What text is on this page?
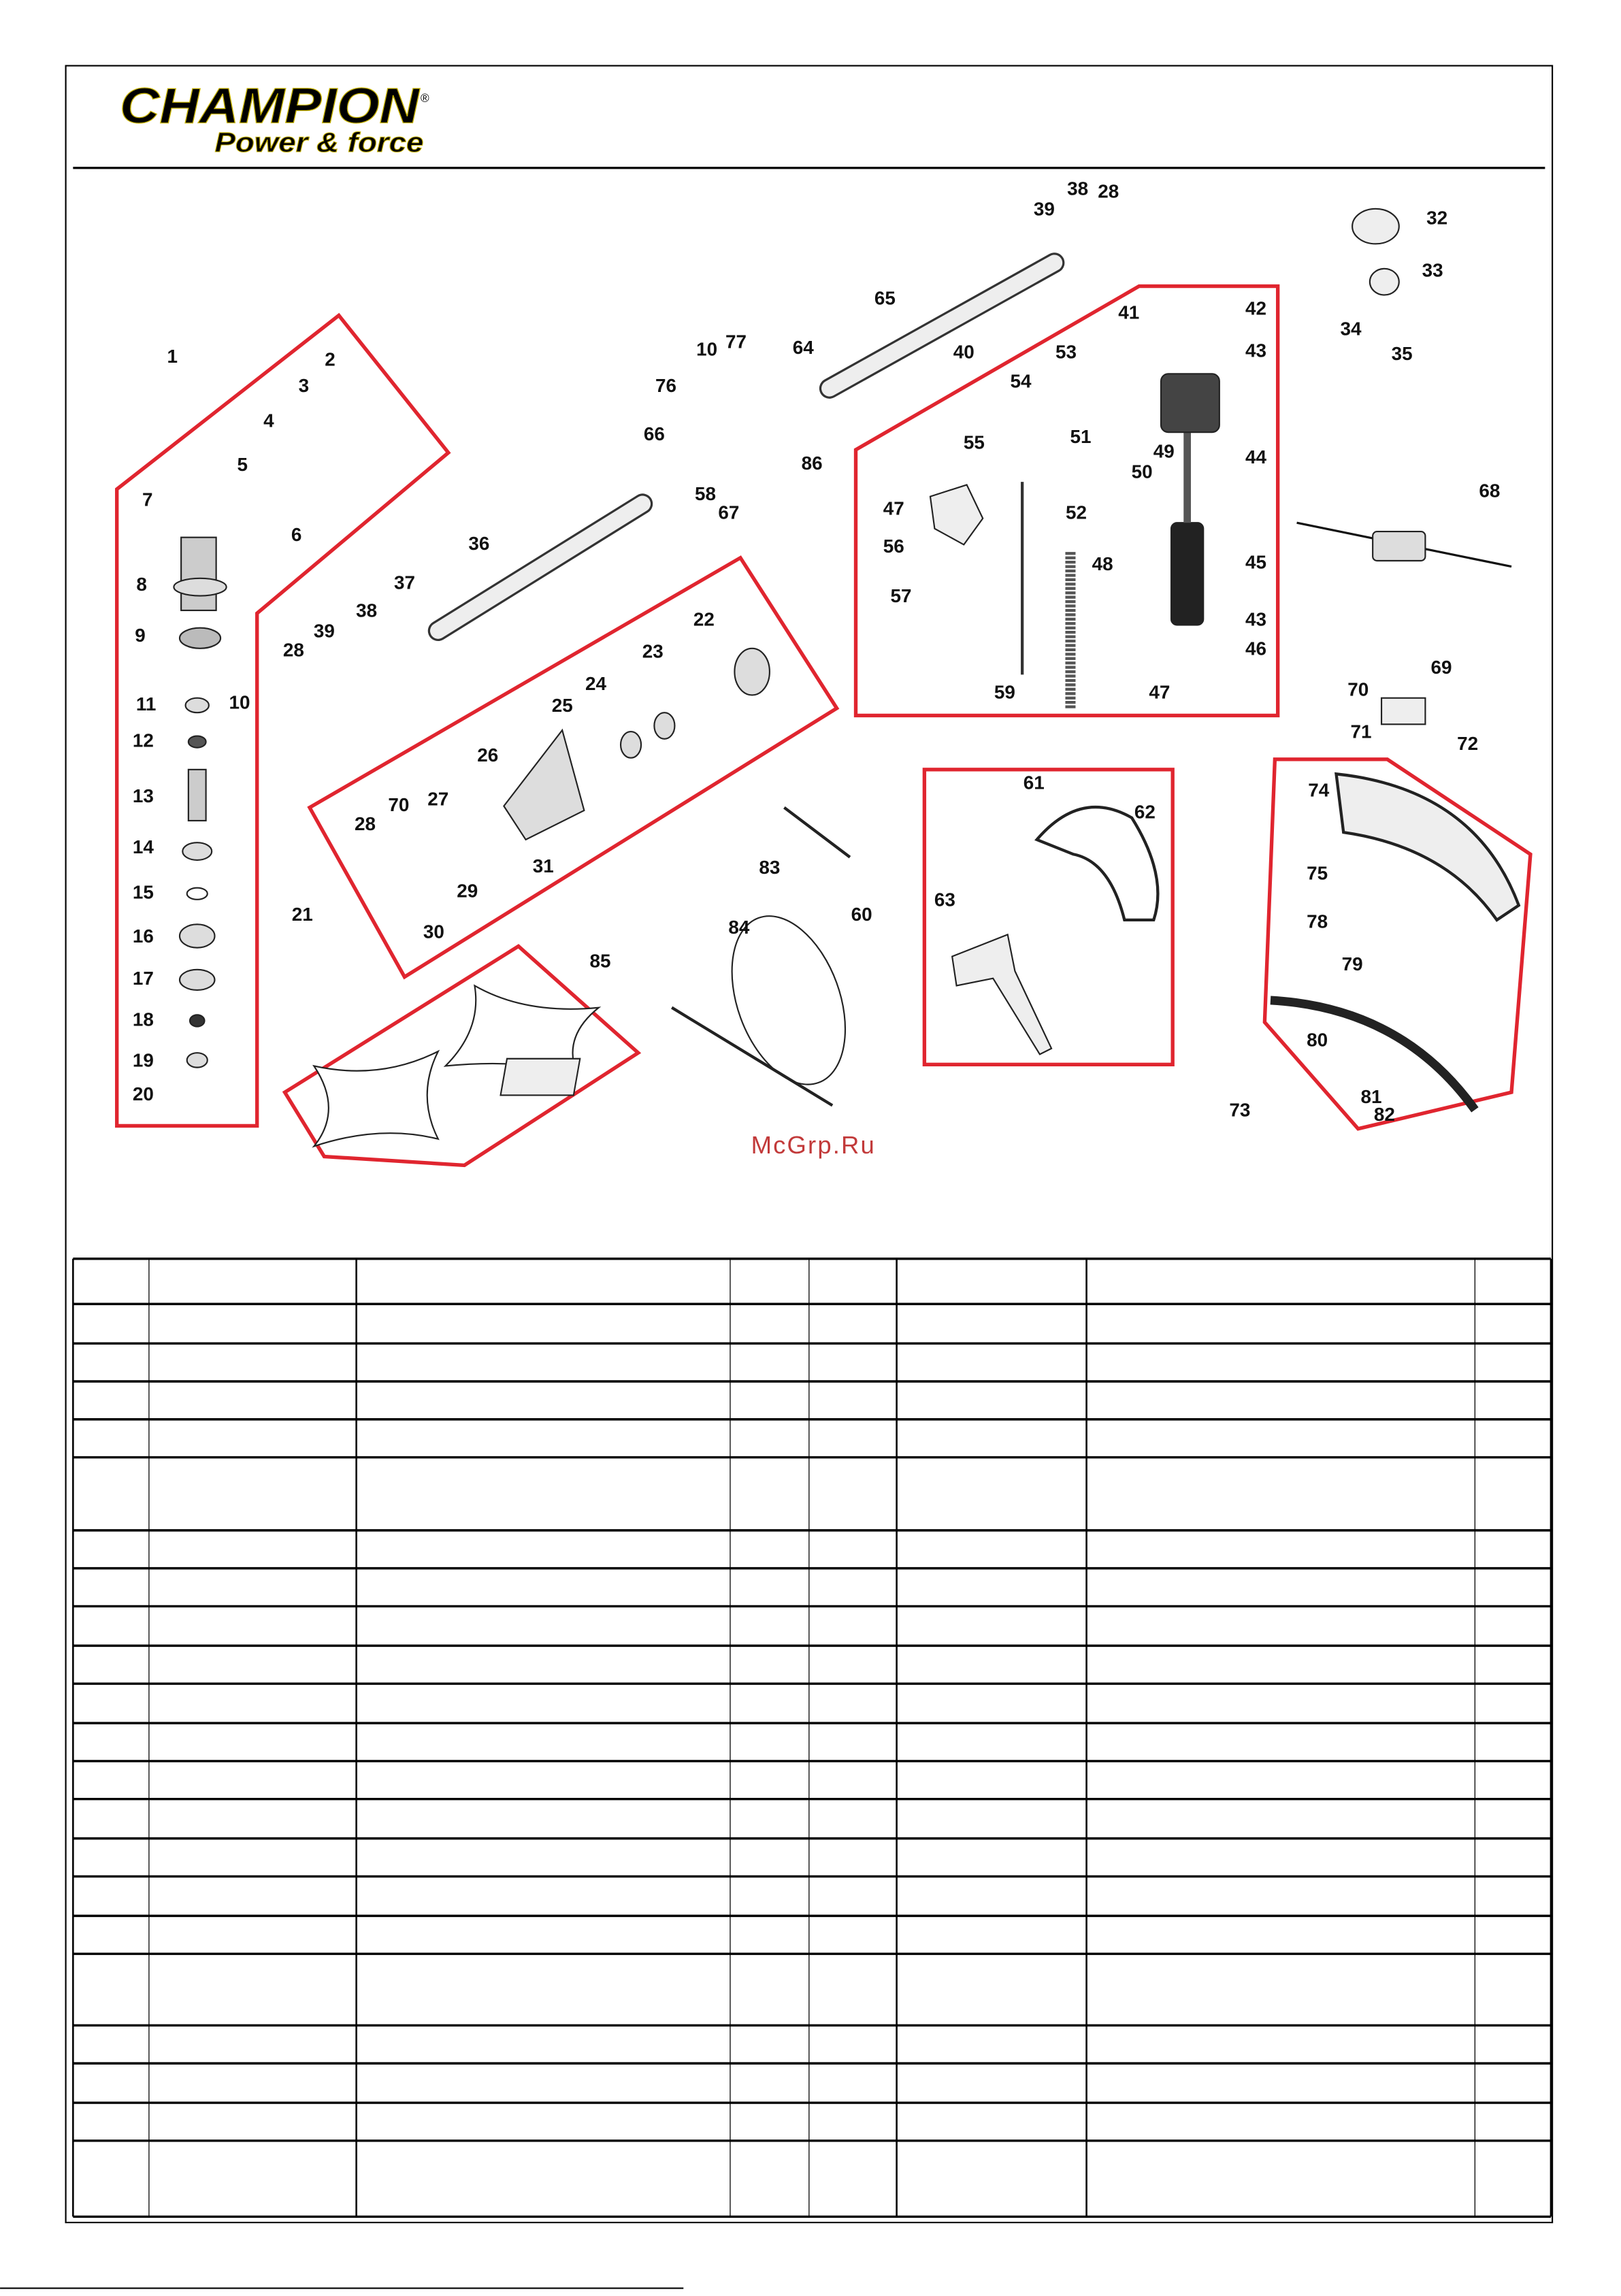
CHAMPION ®
Power & force
1	2
3
4
5
6
7
8
9
10
11
12
13
14
15
16
17
18
19
20
21
22
23
24
25
26
27
28
29
30
31
70
28
39
38
37
36
66
76
10 77	64
58
67
86
65
39
38 28
40
41	42
43
53
54
55	51
49
50
44
47	52
56
48	45
57
43
46
59	47
32
33
34
35
68
70
69
71
72
74
75
78
79
80
81
82
73
61
62
60
63
83
84
85
McGrp.Ru
